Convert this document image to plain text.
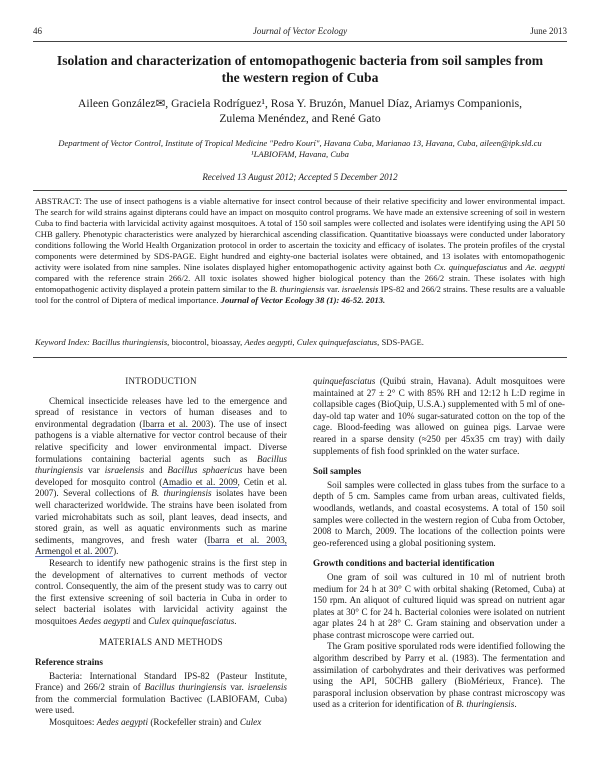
46	Journal of Vector Ecology	June 2013
Isolation and characterization of entomopathogenic bacteria from soil samples from the western region of Cuba
Aileen González✉, Graciela Rodríguez¹, Rosa Y. Bruzón, Manuel Díaz, Ariamys Companionis,
Zulema Menéndez, and René Gato
Department of Vector Control, Institute of Tropical Medicine "Pedro Kourí", Havana Cuba, Marianao 13, Havana, Cuba, aileen@ipk.sld.cu
¹LABIOFAM, Havana, Cuba
Received 13 August 2012; Accepted 5 December 2012

ABSTRACT: The use of insect pathogens is a viable alternative for insect control because of their relative specificity and lower environmental impact. The search for wild strains against dipterans could have an impact on mosquito control programs. We have made an extensive screening of soil in western Cuba to find bacteria with larvicidal activity against mosquitoes. A total of 150 soil samples were collected and isolates were identifying using the API 50 CHB gallery. Phenotypic characteristics were analyzed by hierarchical ascending classification. Quantitative bioassays were conducted under laboratory conditions following the World Health Organization protocol in order to ascertain the toxicity and efficacy of isolates. The protein profiles of the crystal components were determined by SDS-PAGE. Eight hundred and eighty-one bacterial isolates were obtained, and 13 isolates with entomopathogenic activity were isolated from nine samples. Nine isolates displayed higher entomopathogenic activity against both Cx. quinquefasciatus and Ae. aegypti compared with the reference strain 266/2. All toxic isolates showed higher biological potency than the 266/2 strain. These isolates with high entomopathogenic activity displayed a protein pattern similar to the B. thuringiensis var. israelensis IPS-82 and 266/2 strains. These results are a valuable tool for the control of Diptera of medical importance. Journal of Vector Ecology 38 (1): 46-52. 2013.

Keyword Index: Bacillus thuringiensis, biocontrol, bioassay, Aedes aegypti, Culex quinquefasciatus, SDS-PAGE.

INTRODUCTION

Chemical insecticide releases have led to the emergence and spread of resistance in vectors of human diseases and to environmental degradation (Ibarra et al. 2003). The use of insect pathogens is a viable alternative for vector control because of their relative specificity and lower environmental impact. Diverse formulations containing bacterial agents such as Bacillus thuringiensis var israelensis and Bacillus sphaericus have been developed for mosquito control (Amadio et al. 2009, Cetin et al. 2007). Several collections of B. thuringiensis isolates have been well characterized worldwide. The strains have been isolated from varied microhabitats such as soil, plant leaves, dead insects, and stored grain, as well as aquatic environments such as marine sediments, mangroves, and fresh water (Ibarra et al. 2003, Armengol et al. 2007).

Research to identify new pathogenic strains is the first step in the development of alternatives to current methods of vector control. Consequently, the aim of the present study was to carry out the first extensive screening of soil bacteria in Cuba in order to select bacterial isolates with larvicidal activity against the mosquitoes Aedes aegypti and Culex quinquefasciatus.

MATERIALS AND METHODS
Reference strains

Bacteria: International Standard IPS-82 (Pasteur Institute, France) and 266/2 strain of Bacillus thuringiensis var. israelensis from the commercial formulation Bactivec (LABIOFAM, Cuba) were used.

Mosquitoes: Aedes aegypti (Rockefeller strain) and Culex

quinquefasciatus (Quibú strain, Havana). Adult mosquitoes were maintained at 27 ± 2° C with 85% RH and 12:12 h L:D regime in collapsible cages (BioQuip, U.S.A.) supplemented with 5 ml of one-day-old tap water and 10% sugar-saturated cotton on the top of the cage. Blood-feeding was allowed on guinea pigs. Larvae were reared in a sparse density (≈250 per 45x35 cm tray) with daily supplements of fish food sprinkled on the water surface.

Soil samples

Soil samples were collected in glass tubes from the surface to a depth of 5 cm. Samples came from urban areas, cultivated fields, woodlands, wetlands, and coastal ecosystems. A total of 150 soil samples were collected in the western region of Cuba from October, 2008 to March, 2009. The locations of the collection points were geo-referenced using a global positioning system.

Growth conditions and bacterial identification

One gram of soil was cultured in 10 ml of nutrient broth medium for 24 h at 30° C with orbital shaking (Retomed, Cuba) at 150 rpm. An aliquot of cultured liquid was spread on nutrient agar plates at 30° C for 24 h. Bacterial colonies were isolated on nutrient agar plates 24 h at 28° C. Gram staining and observation under a phase contrast microscope were carried out.

The Gram positive sporulated rods were identified following the algorithm described by Parry et al. (1983). The fermentation and assimilation of carbohydrates and their derivatives was performed using the API, 50CHB gallery (BioMérieux, France). The parasporal inclusion observation by phase contrast microscopy was used as a criterion for identification of B. thuringiensis.
